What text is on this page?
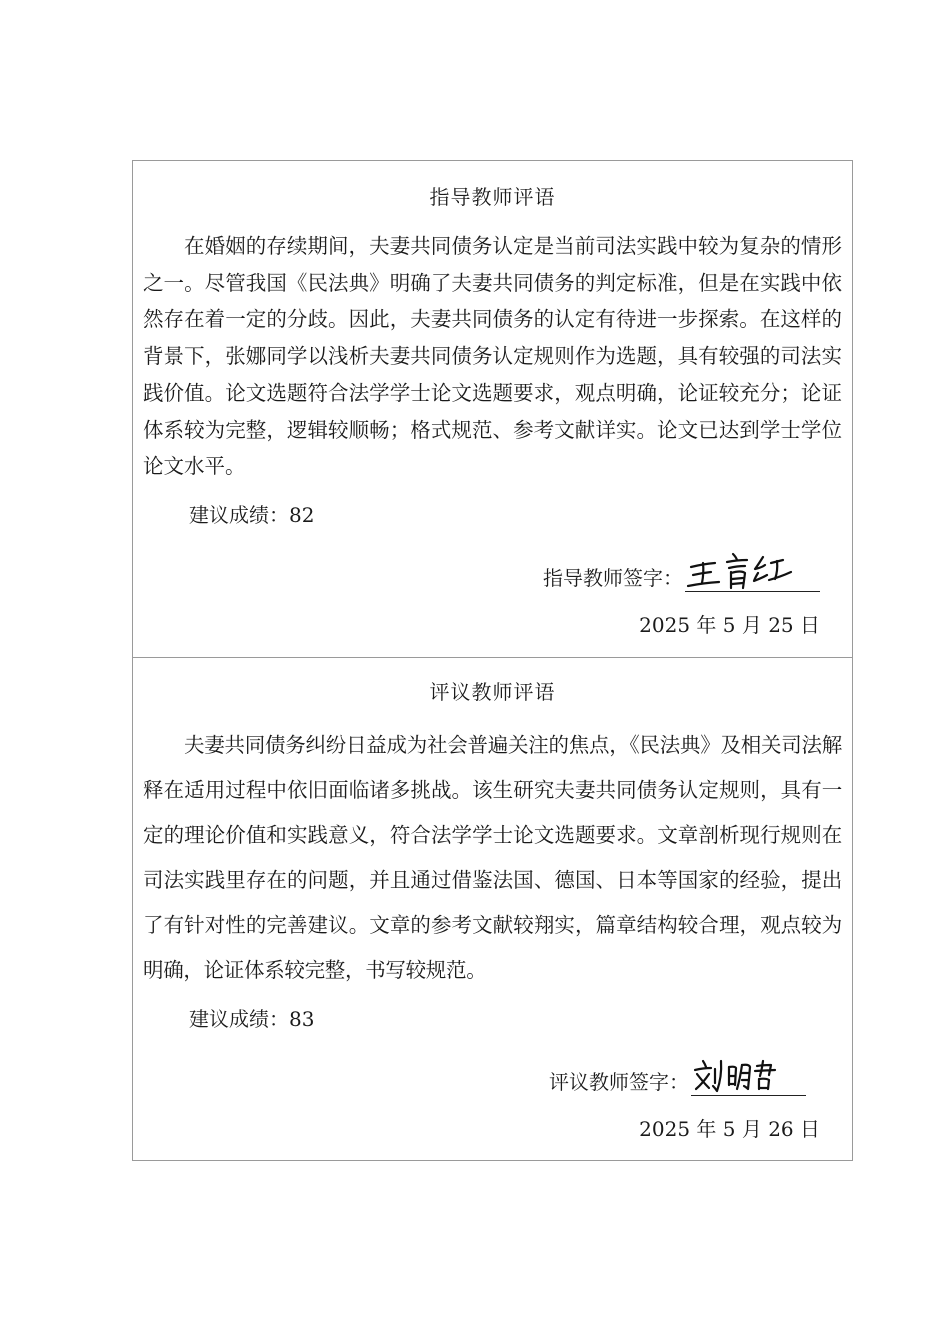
指导教师评语

在婚姻的存续期间，夫妻共同债务认定是当前司法实践中较为复杂的情形之一。尽管我国《民法典》明确了夫妻共同债务的判定标准，但是在实践中依然存在着一定的分歧。因此，夫妻共同债务的认定有待进一步探索。在这样的背景下，张娜同学以浅析夫妻共同债务认定规则作为选题，具有较强的司法实践价值。论文选题符合法学学士论文选题要求，观点明确，论证较充分；论证体系较为完整，逻辑较顺畅；格式规范、参考文献详实。论文已达到学士学位论文水平。

建议成绩：82
指导教师签字：
2025 年 5 月 25 日
评议教师评语

夫妻共同债务纠纷日益成为社会普遍关注的焦点，《民法典》及相关司法解释在适用过程中依旧面临诸多挑战。该生研究夫妻共同债务认定规则，具有一定的理论价值和实践意义，符合法学学士论文选题要求。文章剖析现行规则在司法实践里存在的问题，并且通过借鉴法国、德国、日本等国家的经验，提出了有针对性的完善建议。文章的参考文献较翔实，篇章结构较合理，观点较为明确，论证体系较完整，书写较规范。

建议成绩：83
评议教师签字：
2025 年 5 月 26 日
